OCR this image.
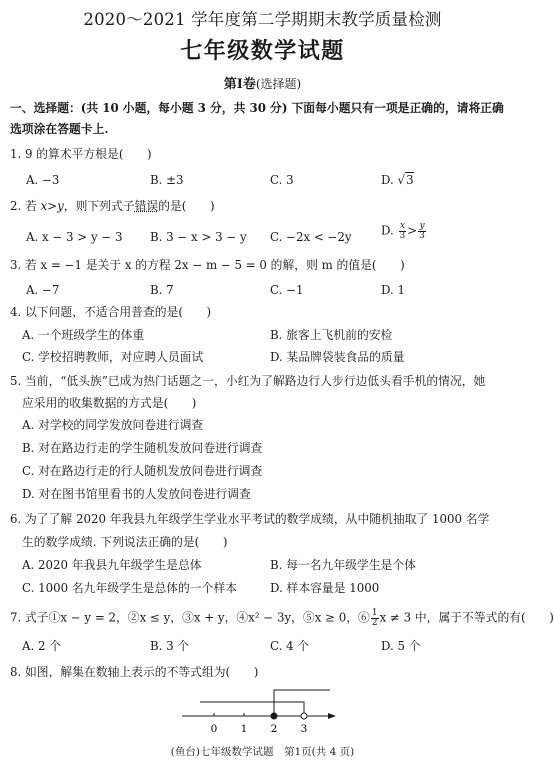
2020～2021 学年度第二学期期末教学质量检测
七年级数学试题
第Ⅰ卷(选择题)
一、选择题：(共 10 小题，每小题 3 分，共 30 分) 下面每小题只有一项是正确的，请将正确
选项涂在答题卡上.
1. 9 的算术平方根是(　　)
A. −3	B. ±3	C. 3	D. √3
2. 若 x>y，则下列式子错误的是(　　)
A. x − 3 > y − 3 B. 3 − x > 3 − y C. −2x < −2y D. $\frac{x}{3} > \frac{y}{3}$
3. 若 x = −1 是关于 x 的方程 2x − m − 5 = 0 的解，则 m 的值是(　　)
A. −7	B. 7	C. −1	D. 1
4. 以下问题，不适合用普查的是(　　)
A. 一个班级学生的体重	B. 旅客上飞机前的安检
C. 学校招聘教师，对应聘人员面试	D. 某品牌袋装食品的质量
5. 当前，“低头族”已成为热门话题之一，小红为了解路边行人步行边低头看手机的情况，她
应采用的收集数据的方式是(　　)
A. 对学校的同学发放问卷进行调查
B. 对在路边行走的学生随机发放问卷进行调查
C. 对在路边行走的行人随机发放问卷进行调查
D. 对在图书馆里看书的人发放问卷进行调查
6. 为了了解 2020 年我县九年级学生学业水平考试的数学成绩，从中随机抽取了 1000 名学
生的数学成绩. 下列说法正确的是(　　)
A. 2020 年我县九年级学生是总体	B. 每一名九年级学生是个体
C. 1000 名九年级学生是总体的一个样本	D. 样本容量是 1000
7. 式子①x − y = 2，②x ≤ y，③x + y，④x² − 3y，⑤x ≥ 0，⑥ $\frac{1}{2}$ x ≠ 3 中，属于不等式的有(　　)
A. 2 个	B. 3 个	C. 4 个	D. 5 个
8. 如图，解集在数轴上表示的不等式组为(　　)
0 1 2 3
(鱼台)七年级数学试题　第1页(共 4 页)
